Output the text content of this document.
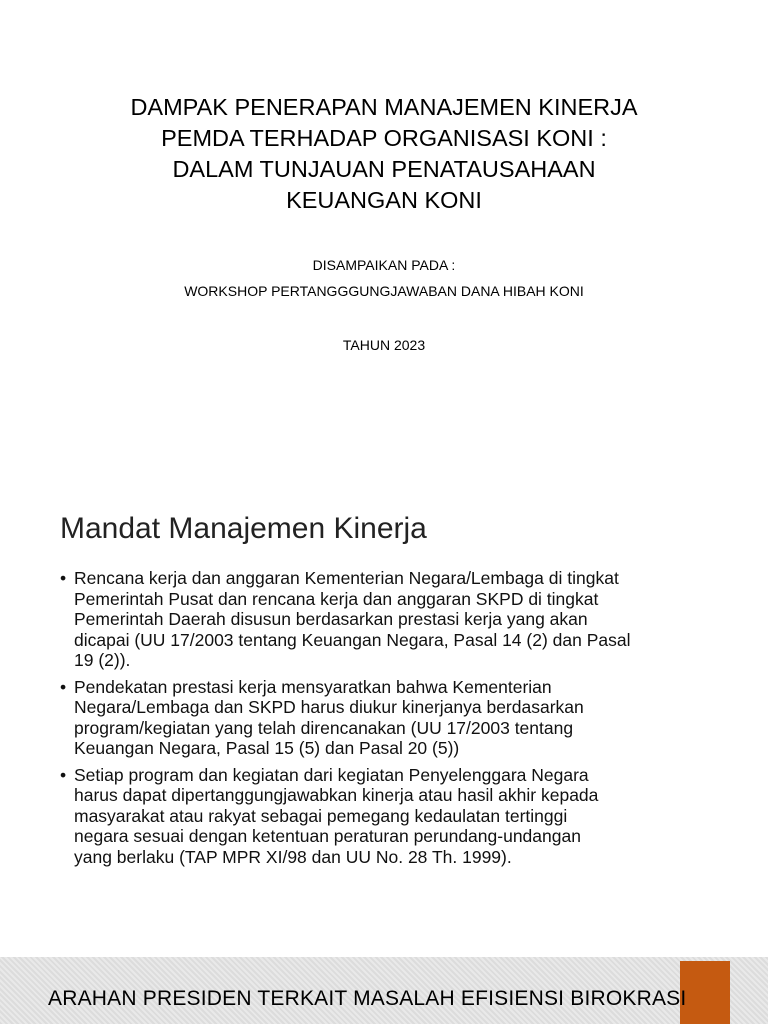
DAMPAK PENERAPAN MANAJEMEN KINERJA
PEMDA TERHADAP ORGANISASI KONI :
DALAM TUNJAUAN PENATAUSAHAAN
KEUANGAN KONI
DISAMPAIKAN PADA :
WORKSHOP PERTANGGGUNGJAWABAN DANA HIBAH KONI
TAHUN 2023
Mandat Manajemen Kinerja
• Rencana kerja dan anggaran Kementerian Negara/Lembaga di tingkat
Pemerintah Pusat dan rencana kerja dan anggaran SKPD di tingkat
Pemerintah Daerah disusun berdasarkan prestasi kerja yang akan
dicapai (UU 17/2003 tentang Keuangan Negara, Pasal 14 (2) dan Pasal
19 (2)).
• Pendekatan prestasi kerja mensyaratkan bahwa Kementerian
Negara/Lembaga dan SKPD harus diukur kinerjanya berdasarkan
program/kegiatan yang telah direncanakan (UU 17/2003 tentang
Keuangan Negara, Pasal 15 (5) dan Pasal 20 (5))
• Setiap program dan kegiatan dari kegiatan Penyelenggara Negara
harus dapat dipertanggungjawabkan kinerja atau hasil akhir kepada
masyarakat atau rakyat sebagai pemegang kedaulatan tertinggi
negara sesuai dengan ketentuan peraturan perundang-undangan
yang berlaku (TAP MPR XI/98 dan UU No. 28 Th. 1999).
ARAHAN PRESIDEN TERKAIT MASALAH EFISIENSI BIROKRASI
